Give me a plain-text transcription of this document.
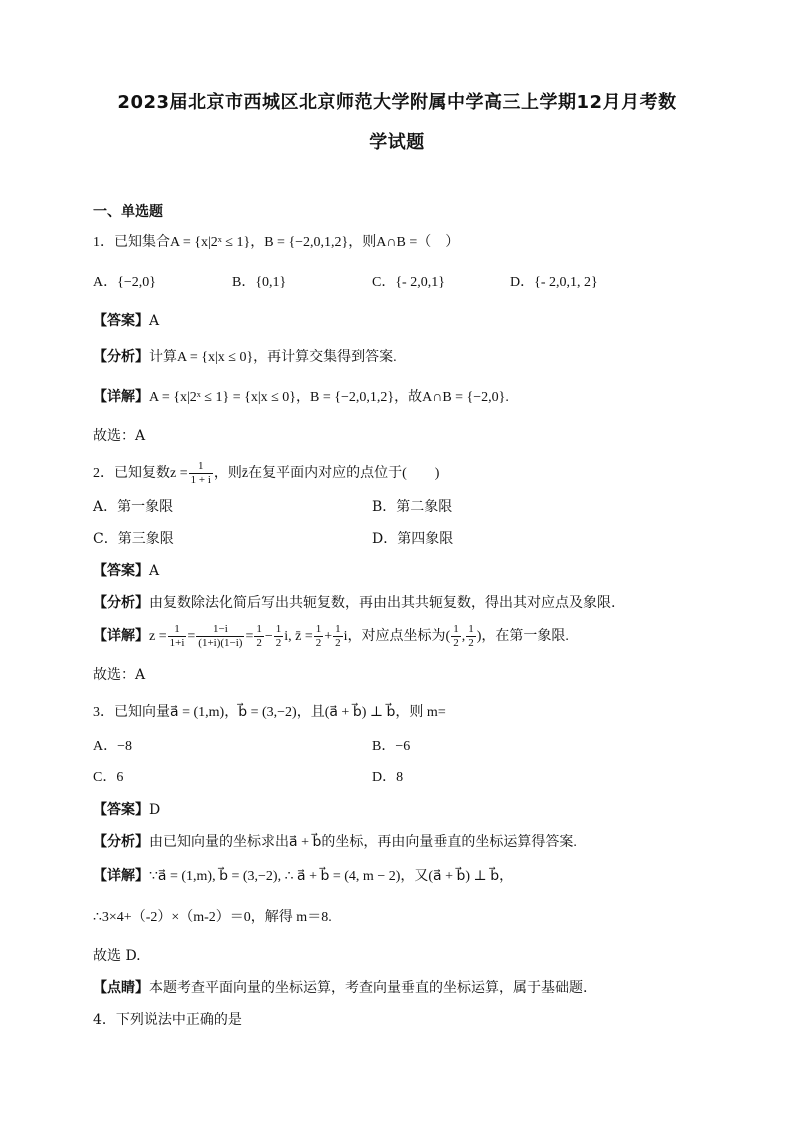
2023届北京市西城区北京师范大学附属中学高三上学期12月月考数
学试题
一、单选题
1．已知集合A = {x|2ˣ ≤ 1}，B = {−2,0,1,2}，则A∩B =（　）
A．{−2,0}	B．{0,1}	C．{- 2,0,1}	D．{- 2,0,1, 2}
【答案】A
【分析】计算A = {x|x ≤ 0}，再计算交集得到答案.
【详解】A = {x|2ˣ ≤ 1} = {x|x ≤ 0}，B = {−2,0,1,2}，故A∩B = {−2,0}.
故选：A
2．已知复数$z = \frac{1}{1 + i}$ ，则z̄在复平面内对应的点位于(　　)
A．第一象限	B．第二象限
C．第三象限	D．第四象限
【答案】A
【分析】由复数除法化简后写出共轭复数，再由出其共轭复数，得出其对应点及象限.
【详解】$z = \frac{1}{1+i} = \frac{1-i}{(1+i)(1-i)} = \frac{1}{2} - \frac{1}{2} i$, z̄ = $\frac{1}{2} + \frac{1}{2}$ i，对应点坐标为( $\frac{1}{2}$ , $\frac{1}{2}$ )，在第一象限.
故选：A
3．已知向量a⃗ = (1,m)，b⃗ = (3,−2)，且(a⃗ + b⃗) ⊥ b⃗，则 m=
A．−8	B．−6
C．6	D．8
【答案】D
【分析】由已知向量的坐标求出a⃗ + b⃗的坐标，再由向量垂直的坐标运算得答案.
【详解】∵a⃗ = (1,m), b⃗ = (3,−2), ∴ a⃗ + b⃗ = (4, m − 2)，又(a⃗ + b⃗) ⊥ b⃗，
∴3×4+（-2）×（m-2）＝0，解得 m＝8.
故选 D.
【点睛】本题考查平面向量的坐标运算，考查向量垂直的坐标运算，属于基础题.
4．下列说法中正确的是
